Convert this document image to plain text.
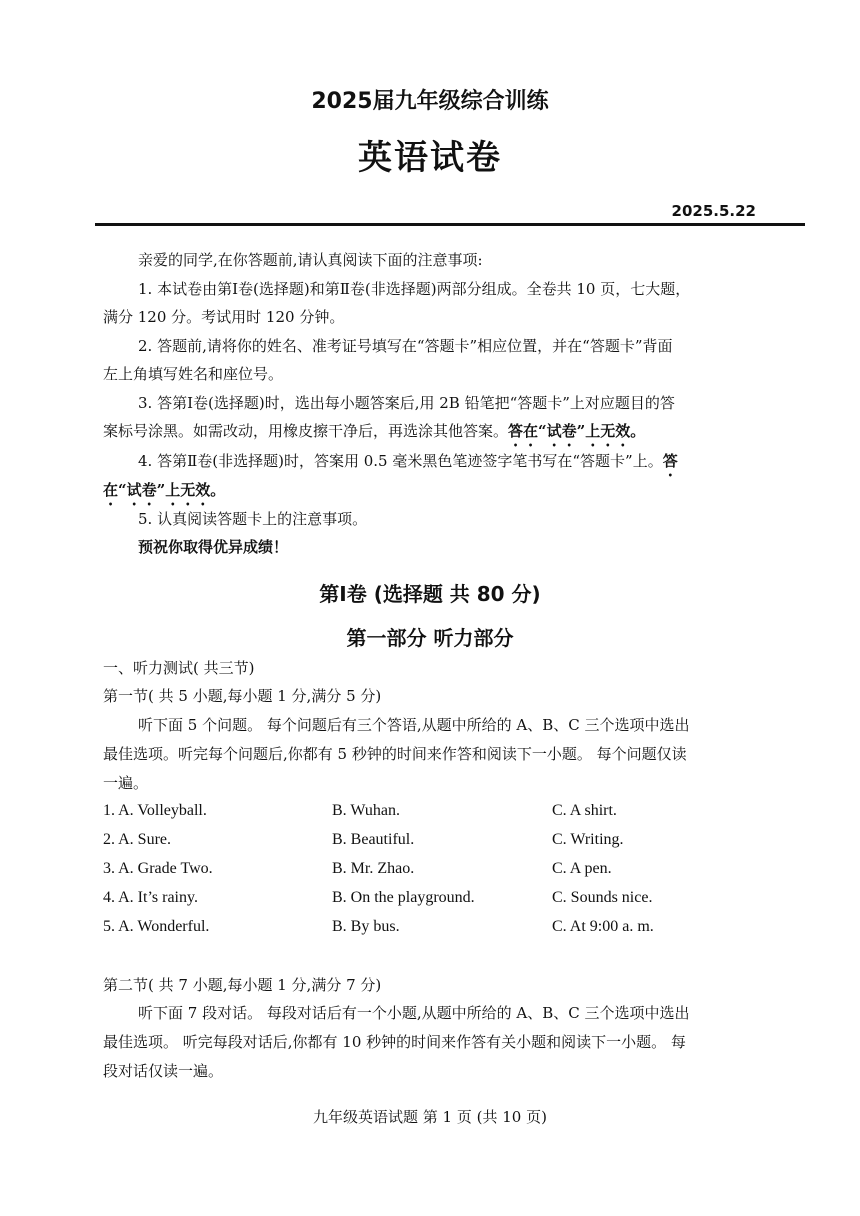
2025届九年级综合训练
英语试卷
2025.5.22
亲爱的同学,在你答题前,请认真阅读下面的注意事项:
1. 本试卷由第Ⅰ卷(选择题)和第Ⅱ卷(非选择题)两部分组成。全卷共 10 页，七大题，
满分 120 分。考试用时 120 分钟。
2. 答题前,请将你的姓名、准考证号填写在“答题卡”相应位置，并在“答题卡”背面
左上角填写姓名和座位号。
3. 答第Ⅰ卷(选择题)时，选出每小题答案后,用 2B 铅笔把“答题卡”上对应题目的答
案标号涂黑。如需改动，用橡皮擦干净后，再选涂其他答案。答在“试卷”上无效。
4. 答第Ⅱ卷(非选择题)时，答案用 0.5 毫米黑色笔迹签字笔书写在“答题卡”上。答
在“试卷”上无效。
5. 认真阅读答题卡上的注意事项。
预祝你取得优异成绩！
第Ⅰ卷 (选择题 共 80 分)
第一部分 听力部分
一、听力测试( 共三节)
第一节( 共 5 小题,每小题 1 分,满分 5 分)
听下面 5 个问题。 每个问题后有三个答语,从题中所给的 A、B、C 三个选项中选出
最佳选项。听完每个问题后,你都有 5 秒钟的时间来作答和阅读下一小题。 每个问题仅读
一遍。
1. A. Volleyball.	B. Wuhan.	C. A shirt.
2. A. Sure.	B. Beautiful.	C. Writing.
3. A. Grade Two.	B. Mr. Zhao.	C. A pen.
4. A. It’s rainy.	B. On the playground.	C. Sounds nice.
5. A. Wonderful.	B. By bus.	C. At 9:00 a. m.
第二节( 共 7 小题,每小题 1 分,满分 7 分)
听下面 7 段对话。 每段对话后有一个小题,从题中所给的 A、B、C 三个选项中选出
最佳选项。 听完每段对话后,你都有 10 秒钟的时间来作答有关小题和阅读下一小题。 每
段对话仅读一遍。
九年级英语试题 第 1 页 (共 10 页)
